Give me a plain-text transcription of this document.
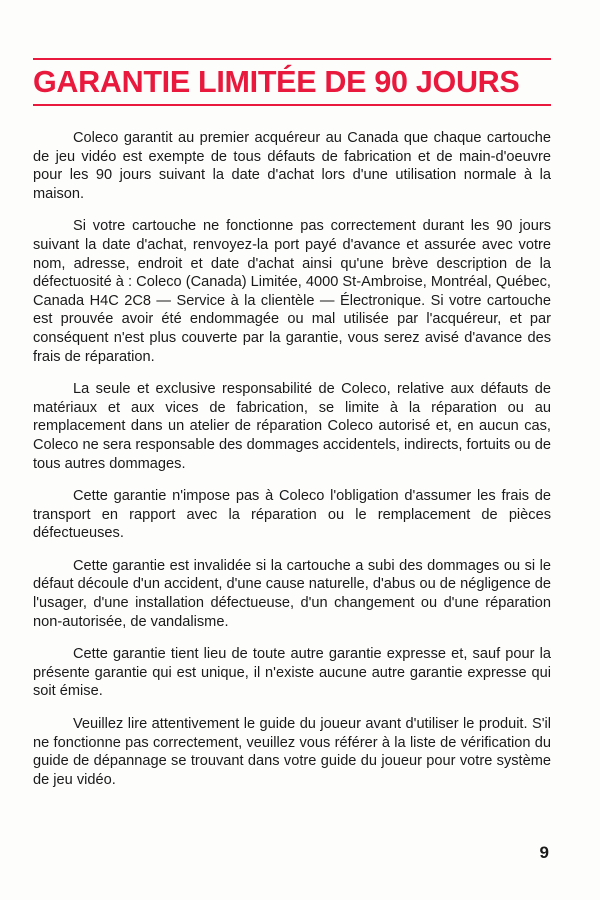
GARANTIE LIMITÉE DE 90 JOURS

Coleco garantit au premier acquéreur au Canada que chaque cartouche de jeu vidéo est exempte de tous défauts de fabrication et de main-d'oeuvre pour les 90 jours suivant la date d'achat lors d'une utilisation normale à la maison.

Si votre cartouche ne fonctionne pas correctement durant les 90 jours suivant la date d'achat, renvoyez-la port payé d'avance et assurée avec votre nom, adresse, endroit et date d'achat ainsi qu'une brève description de la défectuosité à : Coleco (Canada) Limitée, 4000 St-Ambroise, Montréal, Québec, Canada H4C 2C8 — Service à la clientèle — Électronique. Si votre cartouche est prouvée avoir été endommagée ou mal utilisée par l'acquéreur, et par conséquent n'est plus couverte par la garantie, vous serez avisé d'avance des frais de réparation.

La seule et exclusive responsabilité de Coleco, relative aux défauts de matériaux et aux vices de fabrication, se limite à la réparation ou au remplacement dans un atelier de réparation Coleco autorisé et, en aucun cas, Coleco ne sera responsable des dommages accidentels, indirects, fortuits ou de tous autres dommages.

Cette garantie n'impose pas à Coleco l'obligation d'assumer les frais de transport en rapport avec la réparation ou le remplacement de pièces défectueuses.

Cette garantie est invalidée si la cartouche a subi des dommages ou si le défaut découle d'un accident, d'une cause naturelle, d'abus ou de négligence de l'usager, d'une installation défectueuse, d'un changement ou d'une réparation non-autorisée, de vandalisme.

Cette garantie tient lieu de toute autre garantie expresse et, sauf pour la présente garantie qui est unique, il n'existe aucune autre garantie expresse qui soit émise.

Veuillez lire attentivement le guide du joueur avant d'utiliser le produit. S'il ne fonctionne pas correctement, veuillez vous référer à la liste de vérification du guide de dépannage se trouvant dans votre guide du joueur pour votre système de jeu vidéo.

9
